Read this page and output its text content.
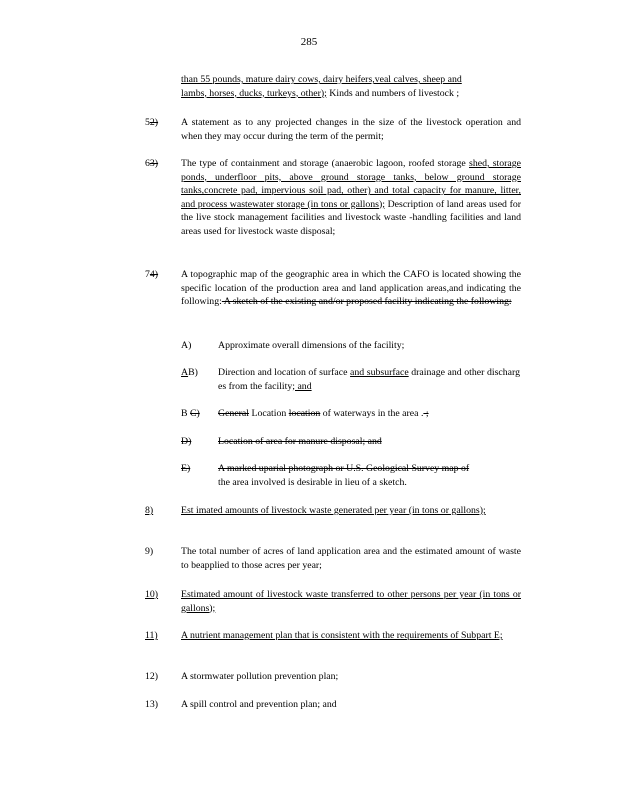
285
than 55 pounds, mature dairy cows, dairy heifers,veal calves, sheep and
lambs, horses, ducks, turkeys, other); Kinds and numbers of livestock ;
52) A statement as to any projected changes in the size of the livestock operation and when they may occur during the term of the permit;
63) The type of containment and storage (anaerobic lagoon, roofed storage shed, storage ponds, underfloor pits, above ground storage tanks, below ground storage tanks,concrete pad, impervious soil pad, other) and total capacity for manure, litter, and process wastewater storage (in tons or gallons); Description of land areas used for the live stock management facilities and livestock waste -handling facilities and land areas used for livestock waste disposal;
74) A topographic map of the geographic area in which the CAFO is located showing the specific location of the production area and land application areas,and indicating the following: A sketch of the existing and/or proposed facility indicating the following:
A)	Approximate overall dimensions of the facility;
AB) Direction and location of surface and subsurface drainage and other discharg es from the facility; and
B C) General Location location of waterways in the area . ;
D)	Location of area for manure disposal; and
E)	A marked uparial photograph or U.S. Geological Survey map of
the area involved is desirable in lieu of a sketch.
8)	Est imated amounts of livestock waste generated per year (in tons or gallons);
9)	The total number of acres of land application area and the estimated amount of waste to beapplied to those acres per year;
10) Estimated amount of livestock waste transferred to other persons per year (in tons or gallons);
11) A nutrient management plan that is consistent with the requirements of Subpart E;
12) A stormwater pollution prevention plan;
13) A spill control and prevention plan; and
